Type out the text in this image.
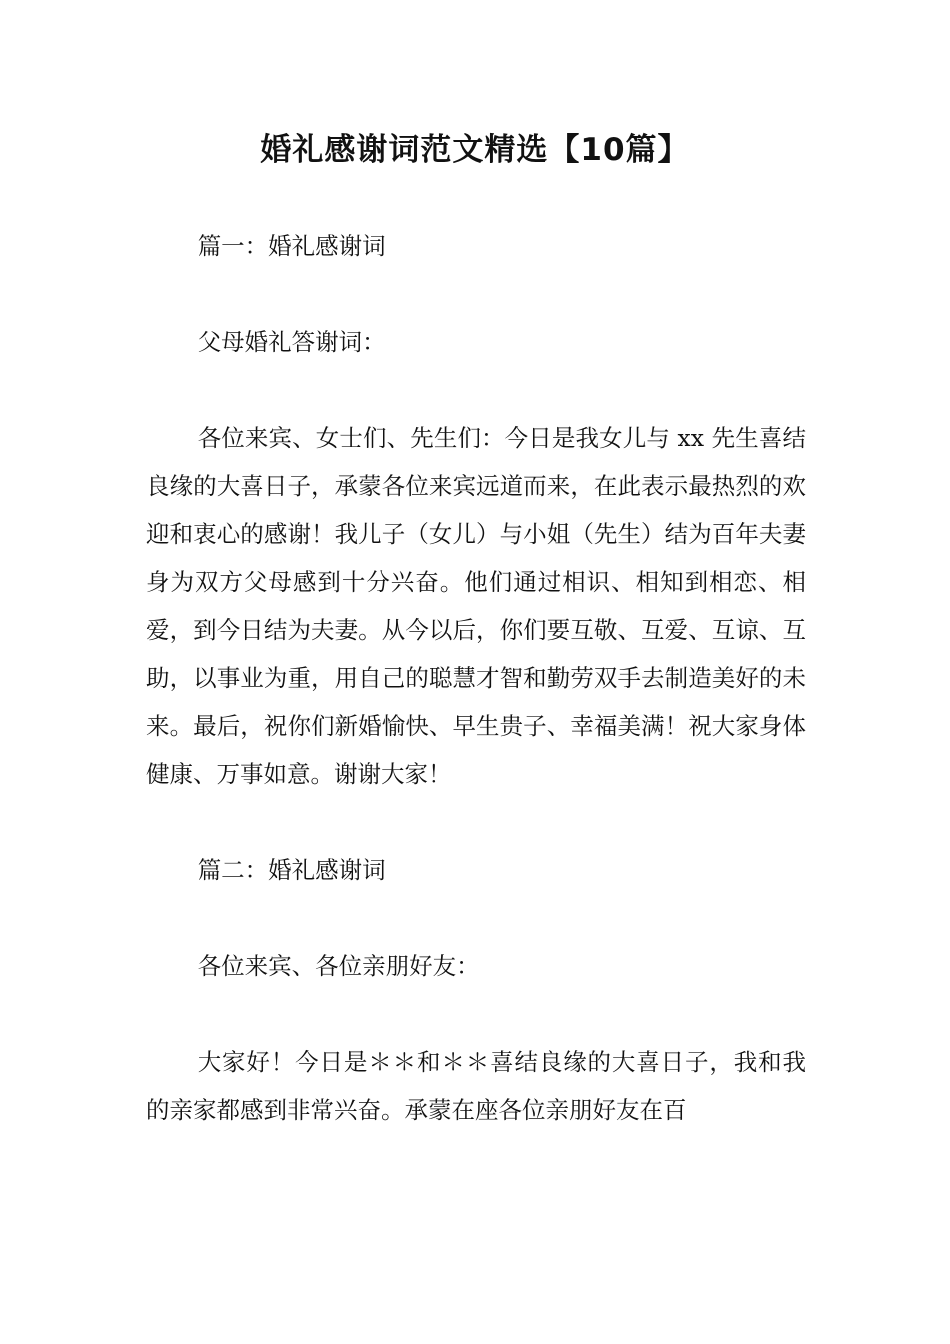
婚礼感谢词范文精选【10篇】

篇一：婚礼感谢词

父母婚礼答谢词：

各位来宾、女士们、先生们：今日是我女儿与 xx 先生喜结良缘的大喜日子，承蒙各位来宾远道而来，在此表示最热烈的欢迎和衷心的感谢！我儿子（女儿）与小姐（先生）结为百年夫妻身为双方父母感到十分兴奋。他们通过相识、相知到相恋、相爱，到今日结为夫妻。从今以后，你们要互敬、互爱、互谅、互助，以事业为重，用自己的聪慧才智和勤劳双手去制造美好的未来。最后，祝你们新婚愉快、早生贵子、幸福美满！祝大家身体健康、万事如意。谢谢大家！

篇二：婚礼感谢词

各位来宾、各位亲朋好友：

大家好！今日是＊＊和＊＊喜结良缘的大喜日子，我和我的亲家都感到非常兴奋。承蒙在座各位亲朋好友在百
